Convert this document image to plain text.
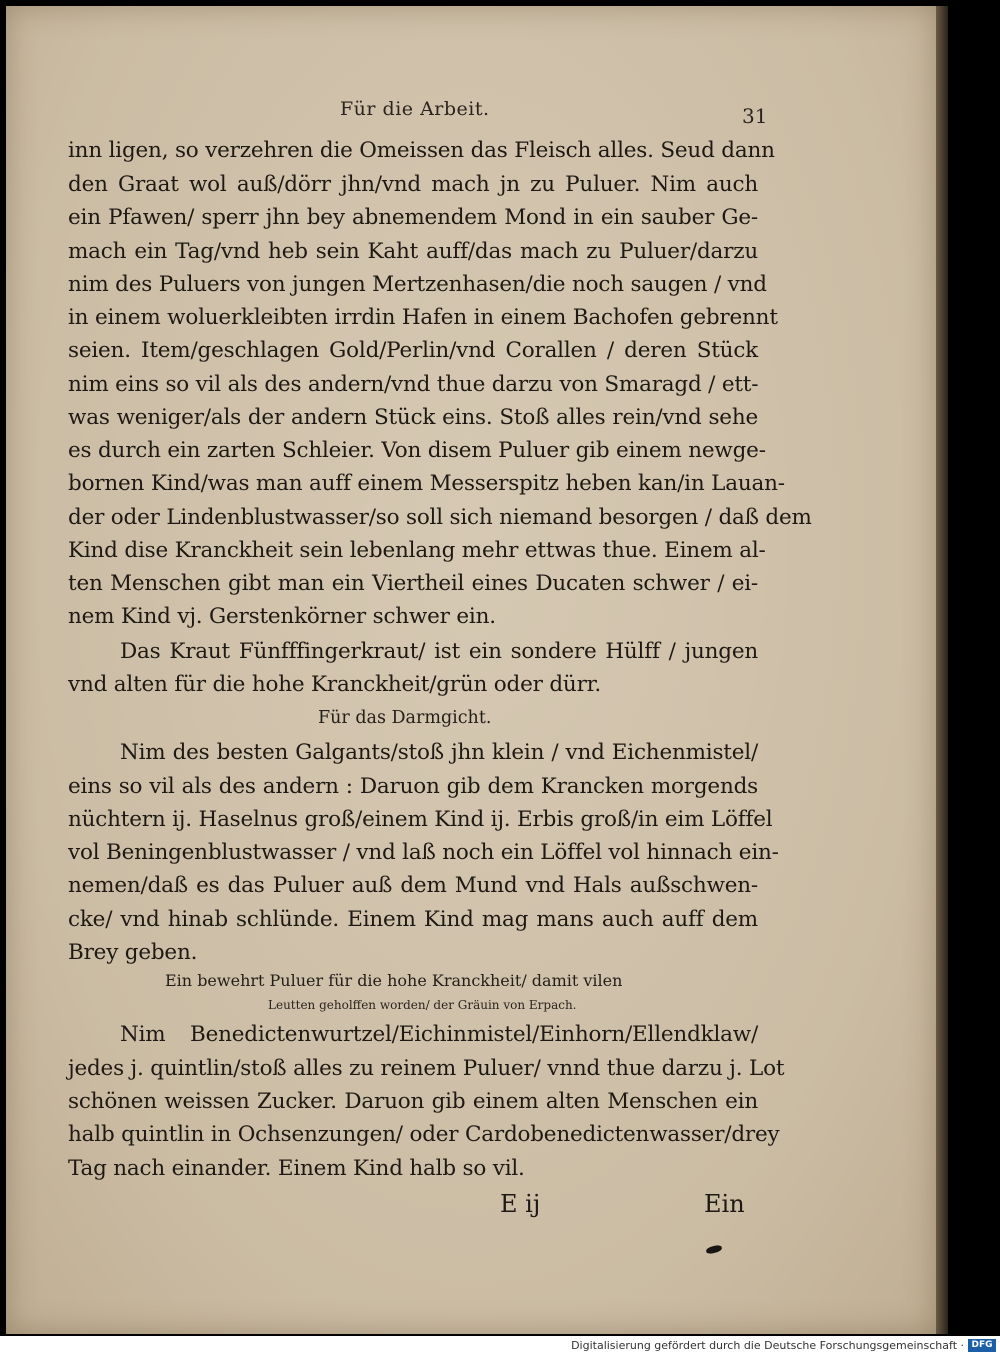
Für die Arbeit.	31
inn ligen, so verzehren die Omeissen das Fleisch alles. Seud dann
den Graat wol auß/dörr jhn/vnd mach jn zu Puluer. Nim auch
ein Pfawen/ sperr jhn bey abnemendem Mond in ein sauber Ge-
mach ein Tag/vnd heb sein Kaht auff/das mach zu Puluer/darzu
nim des Puluers von jungen Mertzenhasen/die noch saugen / vnd
in einem woluerkleibten irrdin Hafen in einem Bachofen gebrennt
seien. Item/geschlagen Gold/Perlin/vnd Corallen / deren Stück
nim eins so vil als des andern/vnd thue darzu von Smaragd / ett-
was weniger/als der andern Stück eins. Stoß alles rein/vnd sehe
es durch ein zarten Schleier. Von disem Puluer gib einem newge-
bornen Kind/was man auff einem Messerspitz heben kan/in Lauan-
der oder Lindenblustwasser/so soll sich niemand besorgen / daß dem
Kind dise Kranckheit sein lebenlang mehr ettwas thue. Einem al-
ten Menschen gibt man ein Viertheil eines Ducaten schwer / ei-
nem Kind vj. Gerstenkörner schwer ein.
Das Kraut Fünfffingerkraut/ ist ein sondere Hülff / jungen
vnd alten für die hohe Kranckheit/grün oder dürr.
Für das Darmgicht.
Nim des besten Galgants/stoß jhn klein / vnd Eichenmistel/
eins so vil als des andern : Daruon gib dem Krancken morgends
nüchtern ij. Haselnus groß/einem Kind ij. Erbis groß/in eim Löffel
vol Beningenblustwasser / vnd laß noch ein Löffel vol hinnach ein-
nemen/daß es das Puluer auß dem Mund vnd Hals außschwen-
cke/ vnd hinab schlünde. Einem Kind mag mans auch auff dem
Brey geben.
Ein bewehrt Puluer für die hohe Kranckheit/ damit vilen
Leutten geholffen worden/ der Gräuin von Erpach.
Nim Benedictenwurtzel/Eichinmistel/Einhorn/Ellendklaw/
jedes j. quintlin/stoß alles zu reinem Puluer/ vnnd thue darzu j. Lot
schönen weissen Zucker. Daruon gib einem alten Menschen ein
halb quintlin in Ochsenzungen/ oder Cardobenedictenwasser/drey
Tag nach einander. Einem Kind halb so vil.
E ij	Ein
Digitalisierung gefördert durch die Deutsche Forschungsgemeinschaft · DFG
